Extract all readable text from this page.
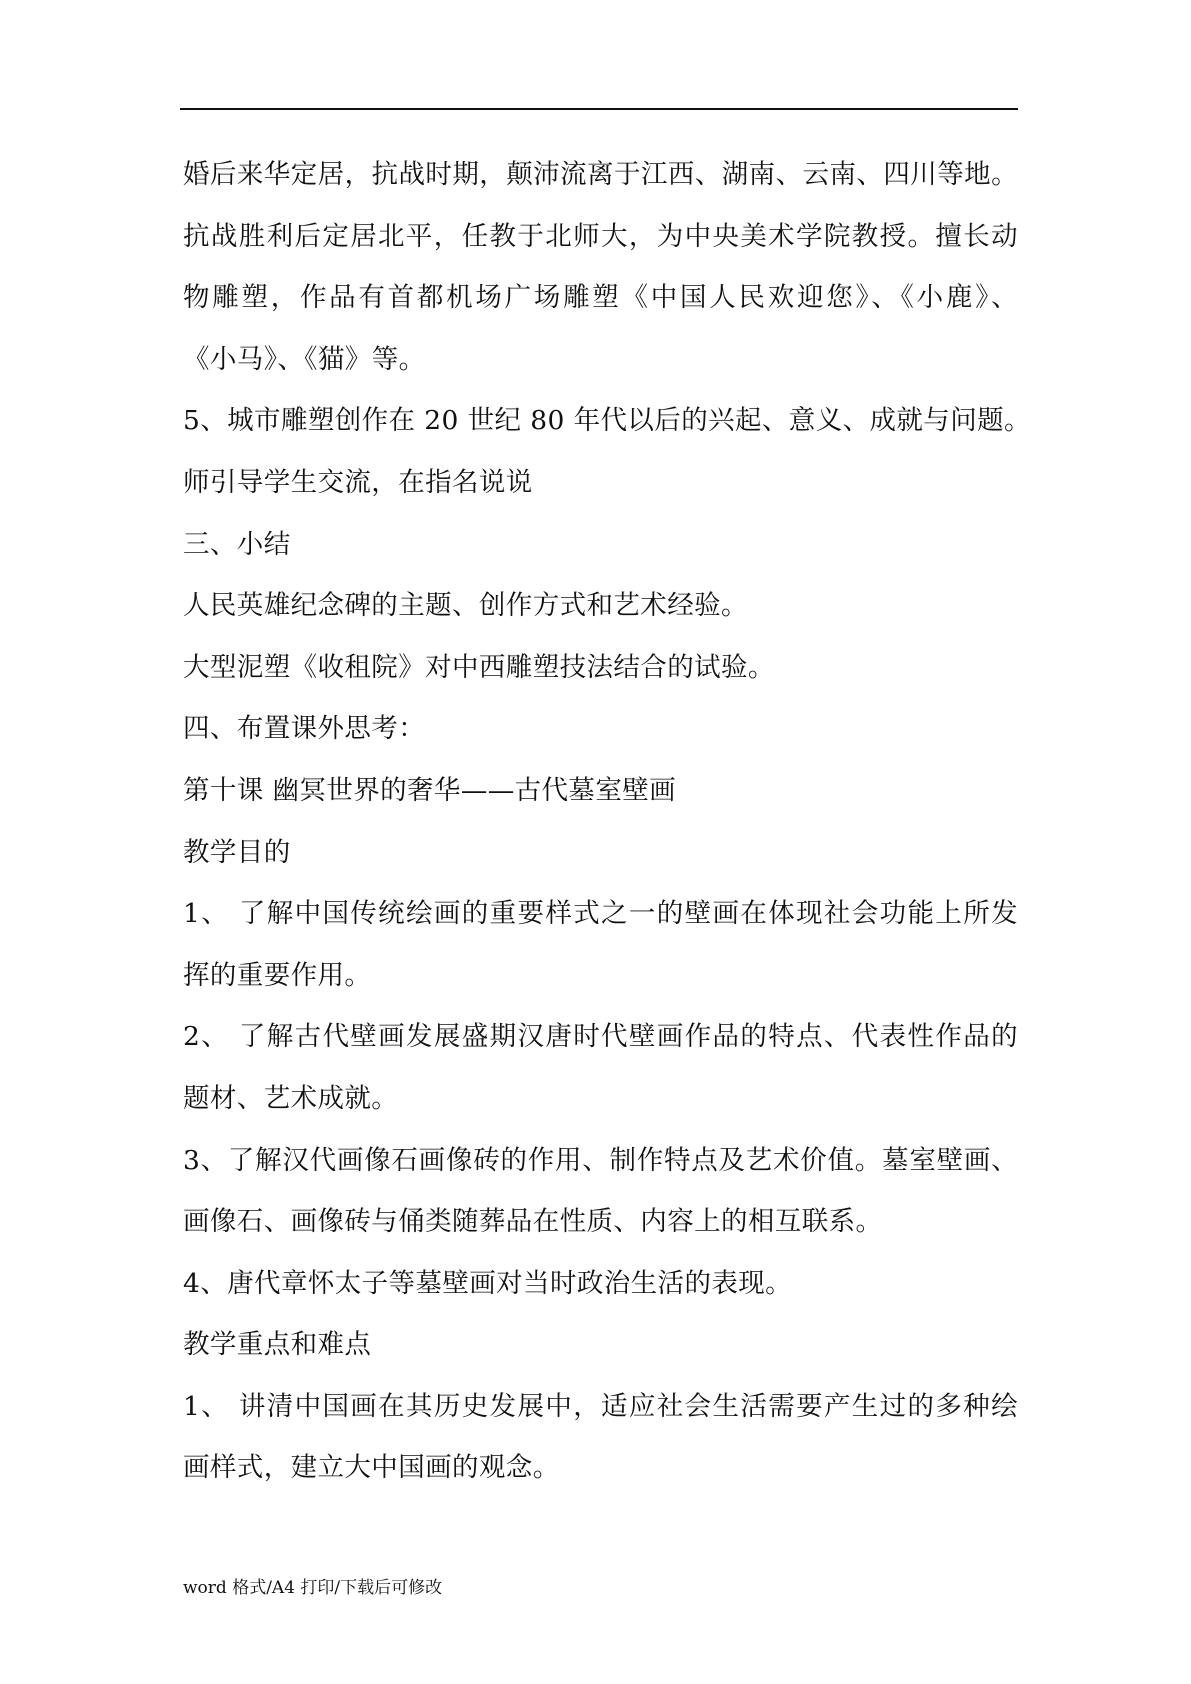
婚后来华定居，抗战时期，颠沛流离于江西、湖南、云南、四川等地。
抗战胜利后定居北平，任教于北师大，为中央美术学院教授。擅长动
物雕塑，作品有首都机场广场雕塑《中国人民欢迎您》、《小鹿》、
《小马》、《猫》等。
5、城市雕塑创作在 20 世纪 80 年代以后的兴起、意义、成就与问题。
师引导学生交流，在指名说说
三、小结
人民英雄纪念碑的主题、创作方式和艺术经验。
大型泥塑《收租院》对中西雕塑技法结合的试验。
四、布置课外思考：
第十课 幽冥世界的奢华——古代墓室壁画
教学目的
1、 了解中国传统绘画的重要样式之一的壁画在体现社会功能上所发
挥的重要作用。
2、 了解古代壁画发展盛期汉唐时代壁画作品的特点、代表性作品的
题材、艺术成就。
3、了解汉代画像石画像砖的作用、制作特点及艺术价值。墓室壁画、
画像石、画像砖与俑类随葬品在性质、内容上的相互联系。
4、唐代章怀太子等墓壁画对当时政治生活的表现。
教学重点和难点
1、 讲清中国画在其历史发展中，适应社会生活需要产生过的多种绘
画样式，建立大中国画的观念。
word 格式/A4 打印/下载后可修改
